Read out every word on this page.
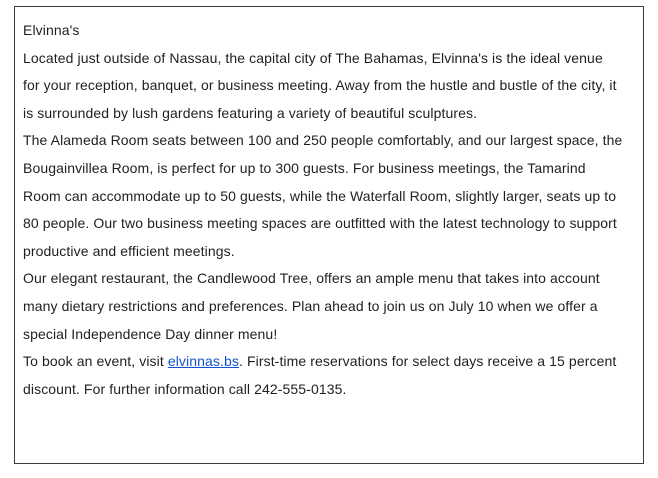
Elvinna's

Located just outside of Nassau, the capital city of The Bahamas, Elvinna's is the ideal venue for your reception, banquet, or business meeting. Away from the hustle and bustle of the city, it is surrounded by lush gardens featuring a variety of beautiful sculptures.

The Alameda Room seats between 100 and 250 people comfortably, and our largest space, the Bougainvillea Room, is perfect for up to 300 guests. For business meetings, the Tamarind Room can accommodate up to 50 guests, while the Waterfall Room, slightly larger, seats up to 80 people. Our two business meeting spaces are outfitted with the latest technology to support productive and efficient meetings.

Our elegant restaurant, the Candlewood Tree, offers an ample menu that takes into account many dietary restrictions and preferences. Plan ahead to join us on July 10 when we offer a special Independence Day dinner menu!

To book an event, visit elvinnas.bs. First-time reservations for select days receive a 15 percent discount. For further information call 242-555-0135.
